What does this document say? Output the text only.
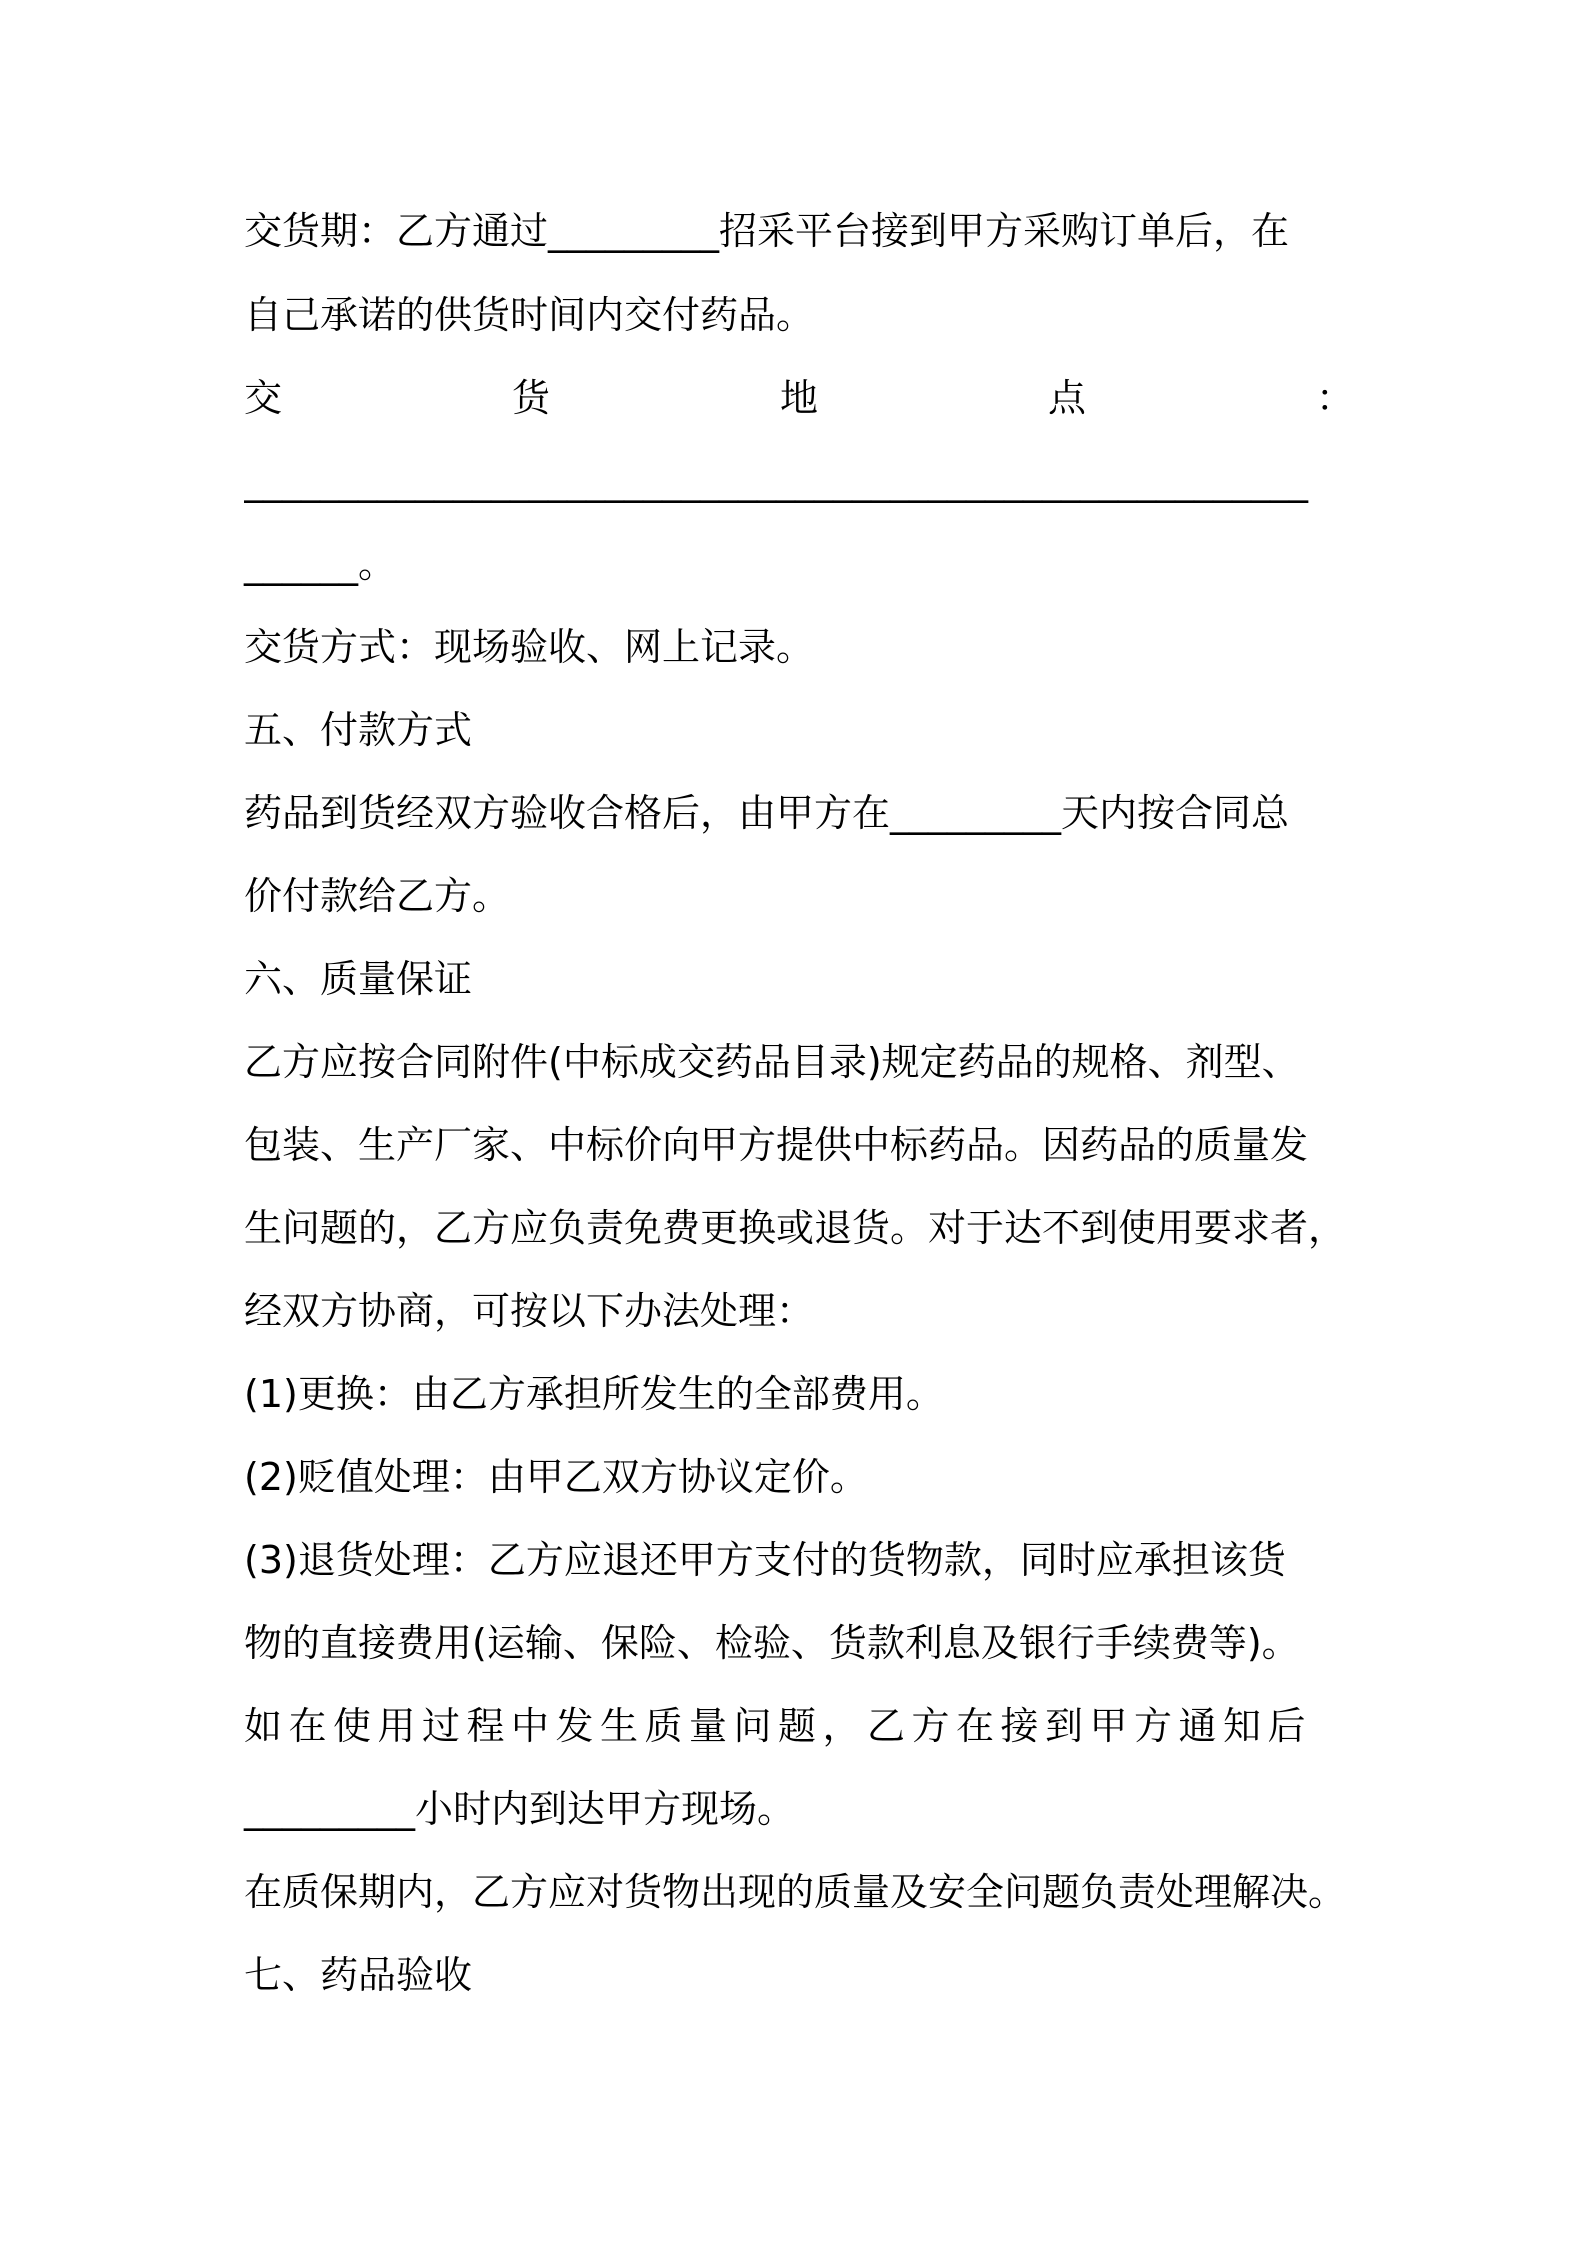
交货期：乙方通过_________招采平台接到甲方采购订单后，在
自己承诺的供货时间内交付药品。
交	货	地	点	：
________________________________________________________
______。
交货方式：现场验收、网上记录。
五、付款方式
药品到货经双方验收合格后，由甲方在_________天内按合同总
价付款给乙方。
六、质量保证
乙方应按合同附件(中标成交药品目录)规定药品的规格、剂型、
包装、生产厂家、中标价向甲方提供中标药品。因药品的质量发
生问题的，乙方应负责免费更换或退货。对于达不到使用要求者，
经双方协商，可按以下办法处理：
(1)更换：由乙方承担所发生的全部费用。
(2)贬值处理：由甲乙双方协议定价。
(3)退货处理：乙方应退还甲方支付的货物款，同时应承担该货
物的直接费用(运输、保险、检验、货款利息及银行手续费等)。
如在使用过程中发生质量问题，乙方在接到甲方通知后
_________小时内到达甲方现场。
在质保期内，乙方应对货物出现的质量及安全问题负责处理解决。
七、药品验收
